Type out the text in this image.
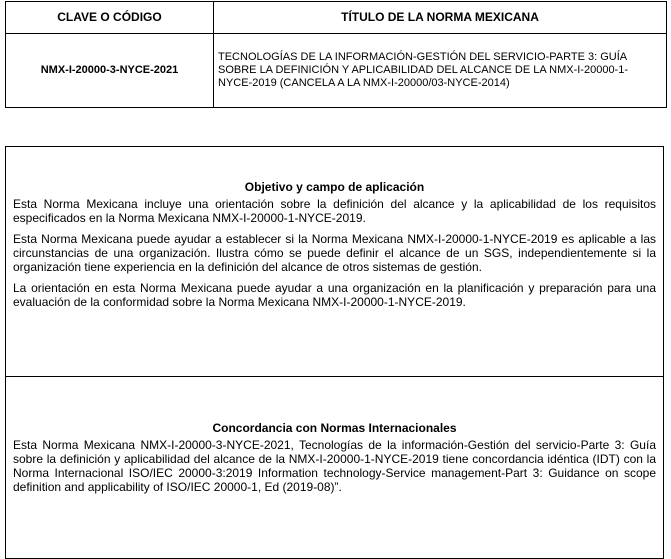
CLAVE O CÓDIGO	TÍTULO DE LA NORMA MEXICANA
NMX-I-20000-3-NYCE-2021	TECNOLOGÍAS DE LA INFORMACIÓN-GESTIÓN DEL SERVICIO-PARTE 3: GUÍA SOBRE LA DEFINICIÓN Y APLICABILIDAD DEL ALCANCE DE LA NMX-I-20000-1-NYCE-2019 (CANCELA A LA NMX-I-20000/03-NYCE-2014)
Objetivo y campo de aplicación

Esta Norma Mexicana incluye una orientación sobre la definición del alcance y la aplicabilidad de los requisitos especificados en la Norma Mexicana NMX-I-20000-1-NYCE-2019.

Esta Norma Mexicana puede ayudar a establecer si la Norma Mexicana NMX-I-20000-1-NYCE-2019 es aplicable a las circunstancias de una organización. Ilustra cómo se puede definir el alcance de un SGS, independientemente si la organización tiene experiencia en la definición del alcance de otros sistemas de gestión.

La orientación en esta Norma Mexicana puede ayudar a una organización en la planificación y preparación para una evaluación de la conformidad sobre la Norma Mexicana NMX-I-20000-1-NYCE-2019.

Concordancia con Normas Internacionales

Esta Norma Mexicana NMX-I-20000-3-NYCE-2021, Tecnologías de la información-Gestión del servicio-Parte 3: Guía sobre la definición y aplicabilidad del alcance de la NMX-I-20000-1-NYCE-2019 tiene concordancia idéntica (IDT) con la Norma Internacional ISO/IEC 20000-3:2019 Information technology-Service management-Part 3: Guidance on scope definition and applicability of ISO/IEC 20000-1, Ed (2019-08)”.
